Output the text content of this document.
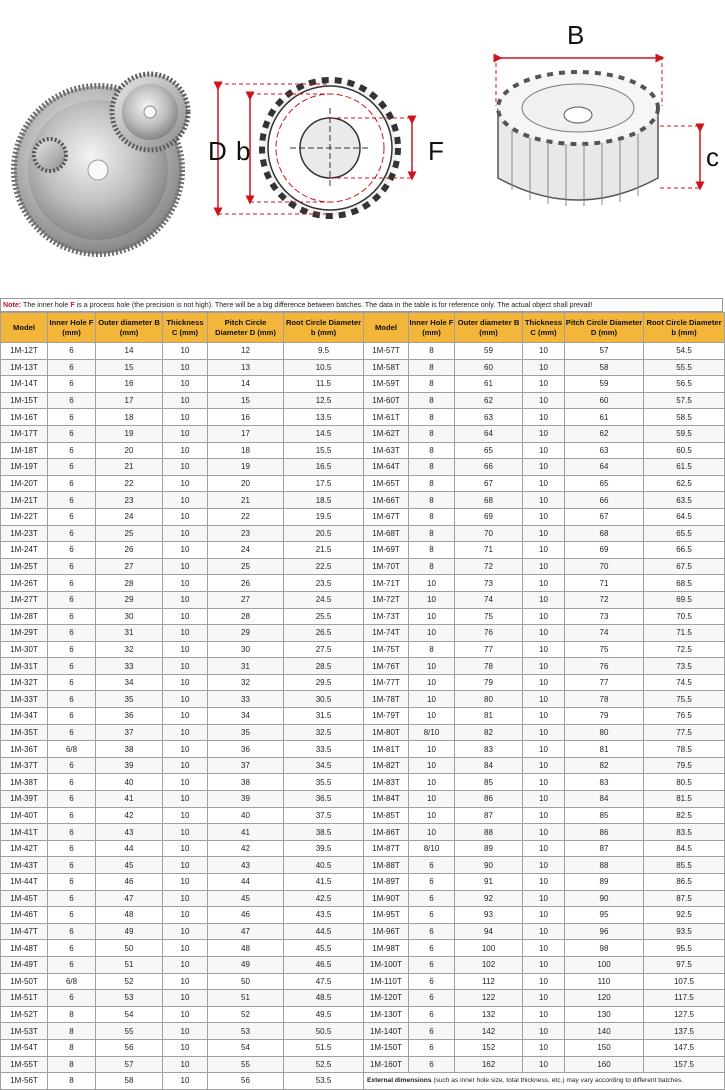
D b	F
B
c
Note: The inner hole F is a process hole (the precision is not high). There will be a big difference between batches. The data in the table is for reference only. The actual object shall prevail!
Model	Inner Hole F (mm)	Outer diameter B (mm)	Thickness C (mm)	Pitch Circle Diameter D (mm)	Root Circle Diameter b (mm)
1M-12T	6	14	10	12	9.5
1M-13T	6	15	10	13	10.5
1M-14T	6	16	10	14	11.5
1M-15T	6	17	10	15	12.5
1M-16T	6	18	10	16	13.5
1M-17T	6	19	10	17	14.5
1M-18T	6	20	10	18	15.5
1M-19T	6	21	10	19	16.5
1M-20T	6	22	10	20	17.5
1M-21T	6	23	10	21	18.5
1M-22T	6	24	10	22	19.5
1M-23T	6	25	10	23	20.5
1M-24T	6	26	10	24	21.5
1M-25T	6	27	10	25	22.5
1M-26T	6	28	10	26	23.5
1M-27T	6	29	10	27	24.5
1M-28T	6	30	10	28	25.5
1M-29T	6	31	10	29	26.5
1M-30T	6	32	10	30	27.5
1M-31T	6	33	10	31	28.5
1M-32T	6	34	10	32	29.5
1M-33T	6	35	10	33	30.5
1M-34T	6	36	10	34	31.5
1M-35T	6	37	10	35	32.5
1M-36T	6/8	38	10	36	33.5
1M-37T	6	39	10	37	34.5
1M-38T	6	40	10	38	35.5
1M-39T	6	41	10	39	36.5
1M-40T	6	42	10	40	37.5
1M-41T	6	43	10	41	38.5
1M-42T	6	44	10	42	39.5
1M-43T	6	45	10	43	40.5
1M-44T	6	46	10	44	41.5
1M-45T	6	47	10	45	42.5
1M-46T	6	48	10	46	43.5
1M-47T	6	49	10	47	44.5
1M-48T	6	50	10	48	45.5
1M-49T	6	51	10	49	46.5
1M-50T	6/8	52	10	50	47.5
1M-51T	6	53	10	51	48.5
1M-52T	8	54	10	52	49.5
1M-53T	8	55	10	53	50.5
1M-54T	8	56	10	54	51.5
1M-55T	8	57	10	55	52.5
1M-56T	8	58	10	56	53.5
Model	Inner Hole F (mm)	Outer diameter B (mm)	Thickness C (mm)	Pitch Circle Diameter D (mm)	Root Circle Diameter b (mm)
1M-57T	8	59	10	57	54.5
1M-58T	8	60	10	58	55.5
1M-59T	8	61	10	59	56.5
1M-60T	8	62	10	60	57.5
1M-61T	8	63	10	61	58.5
1M-62T	8	64	10	62	59.5
1M-63T	8	65	10	63	60.5
1M-64T	8	66	10	64	61.5
1M-65T	8	67	10	65	62.5
1M-66T	8	68	10	66	63.5
1M-67T	8	69	10	67	64.5
1M-68T	8	70	10	68	65.5
1M-69T	8	71	10	69	66.5
1M-70T	8	72	10	70	67.5
1M-71T	10	73	10	71	68.5
1M-72T	10	74	10	72	69.5
1M-73T	10	75	10	73	70.5
1M-74T	10	76	10	74	71.5
1M-75T	8	77	10	75	72.5
1M-76T	10	78	10	76	73.5
1M-77T	10	79	10	77	74.5
1M-78T	10	80	10	78	75.5
1M-79T	10	81	10	79	76.5
1M-80T	8/10	82	10	80	77.5
1M-81T	10	83	10	81	78.5
1M-82T	10	84	10	82	79.5
1M-83T	10	85	10	83	80.5
1M-84T	10	86	10	84	81.5
1M-85T	10	87	10	85	82.5
1M-86T	10	88	10	86	83.5
1M-87T	8/10	89	10	87	84.5
1M-88T	6	90	10	88	85.5
1M-89T	6	91	10	89	86.5
1M-90T	6	92	10	90	87.5
1M-95T	6	93	10	95	92.5
1M-96T	6	94	10	96	93.5
1M-98T	6	100	10	98	95.5
1M-100T	6	102	10	100	97.5
1M-110T	6	112	10	110	107.5
1M-120T	6	122	10	120	117.5
1M-130T	6	132	10	130	127.5
1M-140T	6	142	10	140	137.5
1M-150T	6	152	10	150	147.5
1M-160T	6	162	10	160	157.5
External dimensions (such as inner hole size, total thickness, etc.) may vary according to different batches.					
